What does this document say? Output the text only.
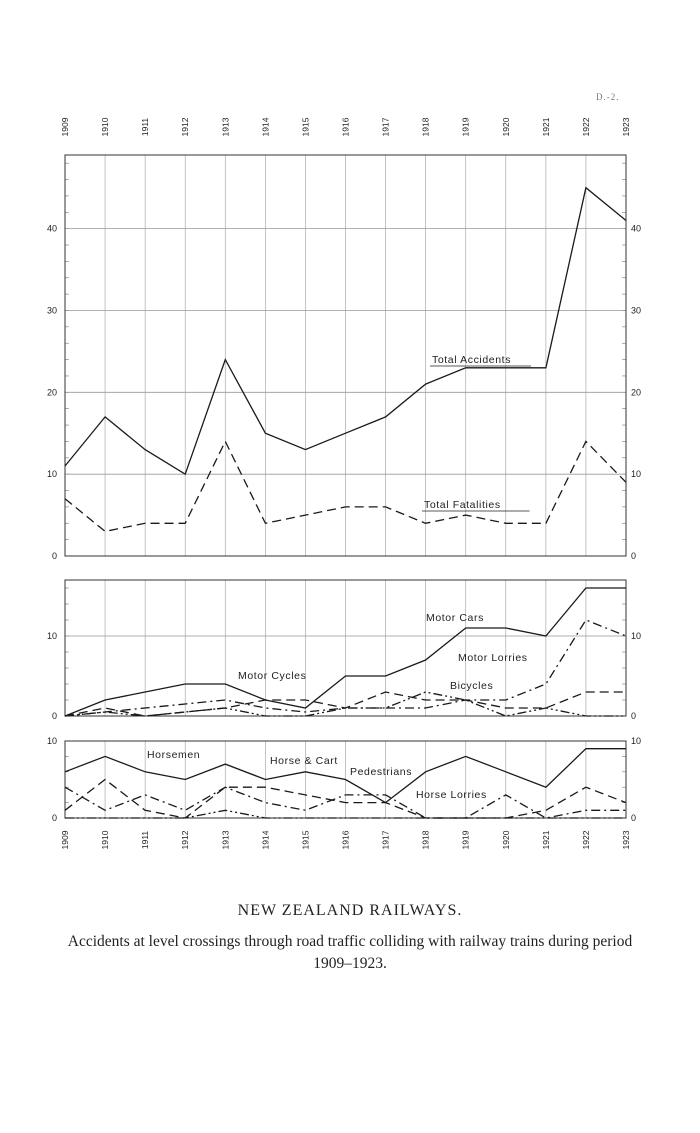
D.-2.
0	0
10	10
20	20
30	30
40	40
1909	1910	1911	1912	1913	1914	1915	1916	1917	1918	1919	1920	1921	1922	1923
Total Accidents
Total Fatalities
0	0
10	10
Motor Cars
Motor Lorries
Motor Cycles
Bicycles
0	0
10	10
1909	1910	1911	1912	1913	1914	1915	1916	1917	1918	1919	1920	1921	1922	1923
Horsemen	Horse & Cart
Pedestrians
Horse Lorries
NEW ZEALAND RAILWAYS.
Accidents at level crossings through road traffic colliding with railway trains during period 1909–1923.
